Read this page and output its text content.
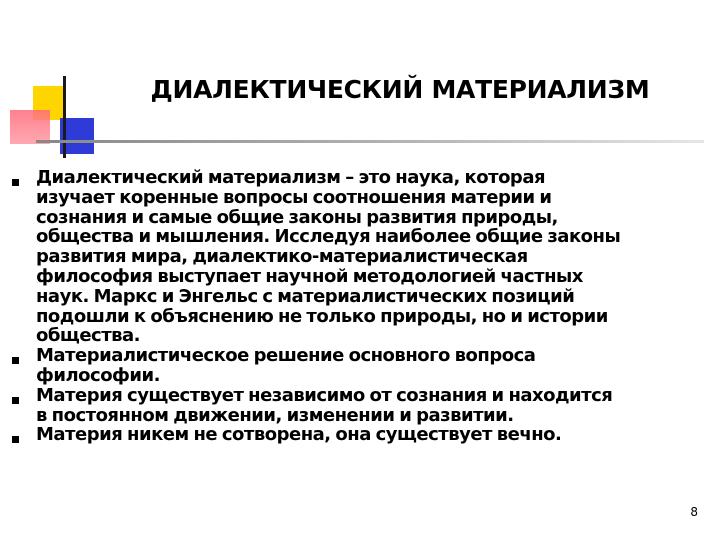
ДИАЛЕКТИЧЕСКИЙ МАТЕРИАЛИЗМ
Диалектический материализм – это наука, которая
изучает коренные вопросы соотношения материи и
сознания и самые общие законы развития природы,
общества и мышления. Исследуя наиболее общие законы
развития мира, диалектико-материалистическая
философия выступает научной методологией частных
наук. Маркс и Энгельс с материалистических позиций
подошли к объяснению не только природы, но и истории
общества.
Материалистическое решение основного вопроса
философии.
Материя существует независимо от сознания и находится
в постоянном движении, изменении и развитии.
Материя никем не сотворена, она существует вечно.
8
